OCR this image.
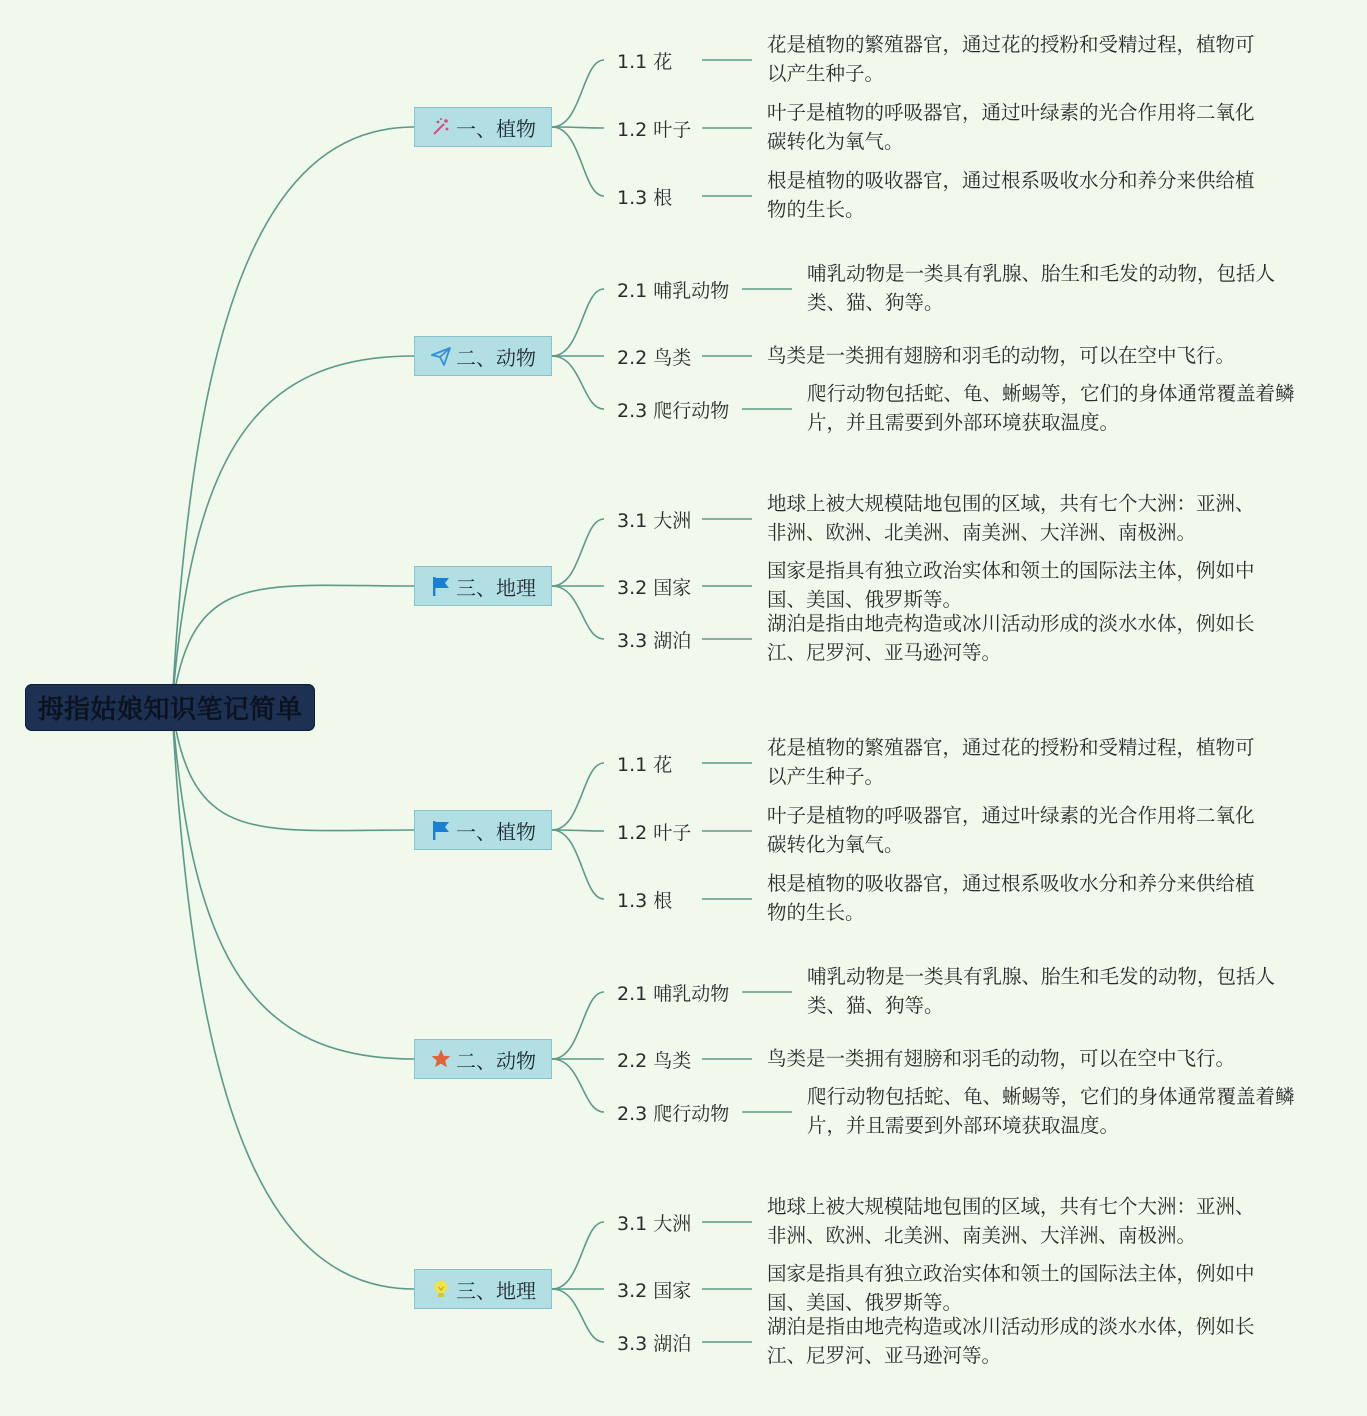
拇指姑娘知识笔记简单
一、植物
1.1 花
花是植物的繁殖器官，通过花的授粉和受精过程，植物可
以产生种子。
1.2 叶子
叶子是植物的呼吸器官，通过叶绿素的光合作用将二氧化
碳转化为氧气。
1.3 根
根是植物的吸收器官，通过根系吸收水分和养分来供给植
物的生长。
二、动物
2.1 哺乳动物
哺乳动物是一类具有乳腺、胎生和毛发的动物，包括人
类、猫、狗等。
2.2 鸟类	鸟类是一类拥有翅膀和羽毛的动物，可以在空中飞行。
2.3 爬行动物
爬行动物包括蛇、龟、蜥蜴等，它们的身体通常覆盖着鳞
片，并且需要到外部环境获取温度。
三、地理
3.1 大洲
地球上被大规模陆地包围的区域，共有七个大洲：亚洲、
非洲、欧洲、北美洲、南美洲、大洋洲、南极洲。
3.2 国家
国家是指具有独立政治实体和领土的国际法主体，例如中
国、美国、俄罗斯等。
3.3 湖泊
湖泊是指由地壳构造或冰川活动形成的淡水水体，例如长
江、尼罗河、亚马逊河等。
一、植物
1.1 花
花是植物的繁殖器官，通过花的授粉和受精过程，植物可
以产生种子。
1.2 叶子
叶子是植物的呼吸器官，通过叶绿素的光合作用将二氧化
碳转化为氧气。
1.3 根
根是植物的吸收器官，通过根系吸收水分和养分来供给植
物的生长。
二、动物
2.1 哺乳动物
哺乳动物是一类具有乳腺、胎生和毛发的动物，包括人
类、猫、狗等。
2.2 鸟类	鸟类是一类拥有翅膀和羽毛的动物，可以在空中飞行。
2.3 爬行动物
爬行动物包括蛇、龟、蜥蜴等，它们的身体通常覆盖着鳞
片，并且需要到外部环境获取温度。
三、地理
3.1 大洲
地球上被大规模陆地包围的区域，共有七个大洲：亚洲、
非洲、欧洲、北美洲、南美洲、大洋洲、南极洲。
3.2 国家
国家是指具有独立政治实体和领土的国际法主体，例如中
国、美国、俄罗斯等。
3.3 湖泊
湖泊是指由地壳构造或冰川活动形成的淡水水体，例如长
江、尼罗河、亚马逊河等。
